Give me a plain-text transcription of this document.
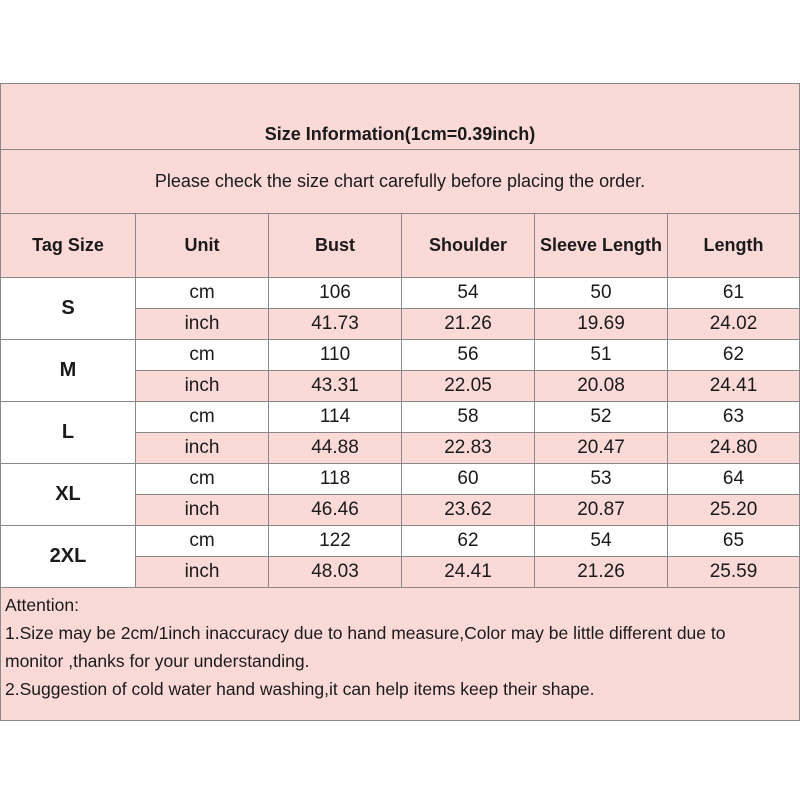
Size Information(1cm=0.39inch)
Please check the size chart carefully before placing the order.
Tag Size	Unit	Bust	Shoulder	Sleeve Length	Length
S
cm	106	54	50	61
inch	41.73	21.26	19.69	24.02
M
cm	110	56	51	62
inch	43.31	22.05	20.08	24.41
L
cm	114	58	52	63
inch	44.88	22.83	20.47	24.80
XL
cm	118	60	53	64
inch	46.46	23.62	20.87	25.20
2XL
cm	122	62	54	65
inch	48.03	24.41	21.26	25.59
Attention:
1.Size may be 2cm/1inch inaccuracy due to hand measure,Color may be little different due to
monitor ,thanks for your understanding.
2.Suggestion of cold water hand washing,it can help items keep their shape.
